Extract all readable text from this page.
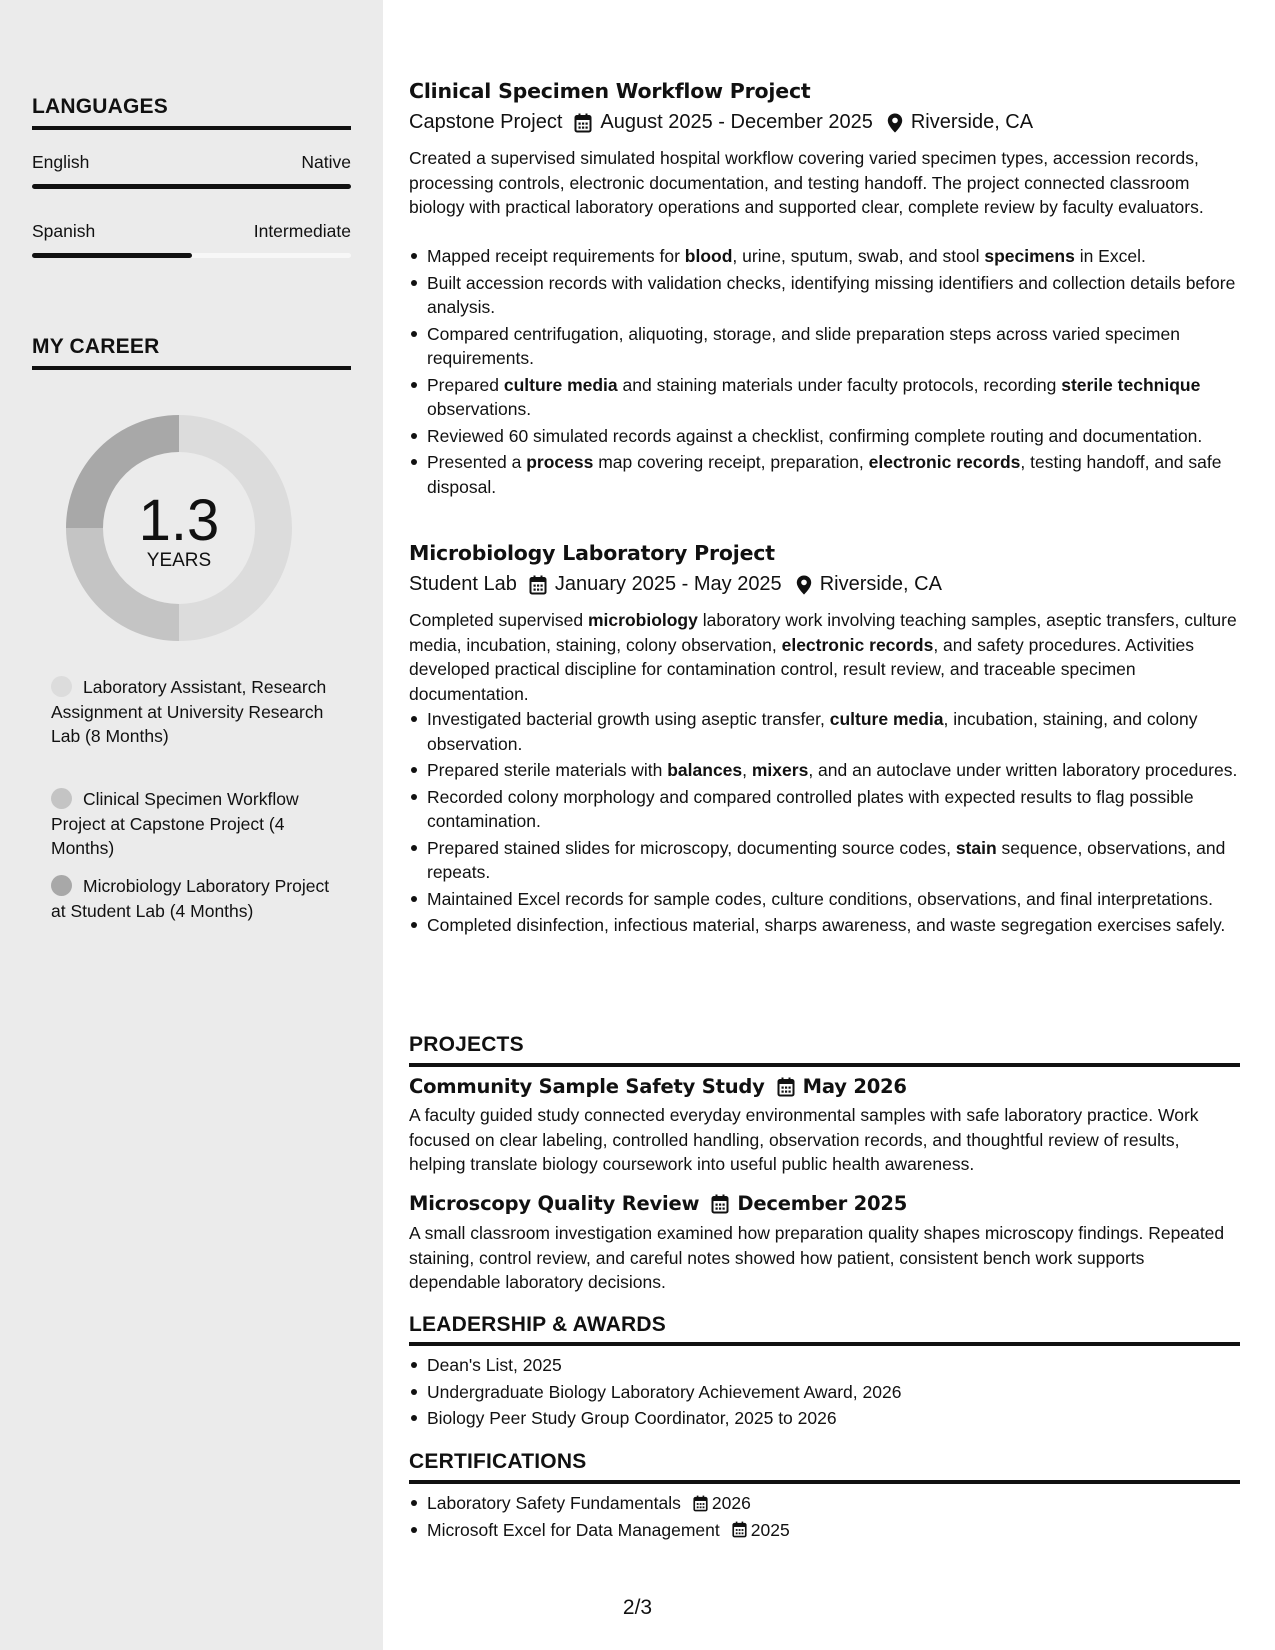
LANGUAGES
English	Native
Spanish	Intermediate
MY CAREER
1.3
YEARS
Laboratory Assistant, Research Assignment at University Research Lab (8 Months)
Clinical Specimen Workflow Project at Capstone Project (4 Months)
Microbiology Laboratory Project at Student Lab (4 Months)
Clinical Specimen Workflow Project
Capstone Project August 2025 - December 2025 Riverside, CA
Created a supervised simulated hospital workflow covering varied specimen types, accession records, processing controls, electronic documentation, and testing handoff. The project connected classroom biology with practical laboratory operations and supported clear, complete review by faculty evaluators.
Mapped receipt requirements for blood, urine, sputum, swab, and stool specimens in Excel.
Built accession records with validation checks, identifying missing identifiers and collection details before analysis.
Compared centrifugation, aliquoting, storage, and slide preparation steps across varied specimen requirements.
Prepared culture media and staining materials under faculty protocols, recording sterile technique observations.
Reviewed 60 simulated records against a checklist, confirming complete routing and documentation.
Presented a process map covering receipt, preparation, electronic records, testing handoff, and safe disposal.
Microbiology Laboratory Project
Student Lab January 2025 - May 2025 Riverside, CA
Completed supervised microbiology laboratory work involving teaching samples, aseptic transfers, culture media, incubation, staining, colony observation, electronic records, and safety procedures. Activities developed practical discipline for contamination control, result review, and traceable specimen documentation.
Investigated bacterial growth using aseptic transfer, culture media, incubation, staining, and colony observation.
Prepared sterile materials with balances, mixers, and an autoclave under written laboratory procedures.
Recorded colony morphology and compared controlled plates with expected results to flag possible contamination.
Prepared stained slides for microscopy, documenting source codes, stain sequence, observations, and repeats.
Maintained Excel records for sample codes, culture conditions, observations, and final interpretations.
Completed disinfection, infectious material, sharps awareness, and waste segregation exercises safely.
PROJECTS
Community Sample Safety Study May 2026
A faculty guided study connected everyday environmental samples with safe laboratory practice. Work focused on clear labeling, controlled handling, observation records, and thoughtful review of results, helping translate biology coursework into useful public health awareness.
Microscopy Quality Review December 2025
A small classroom investigation examined how preparation quality shapes microscopy findings. Repeated staining, control review, and careful notes showed how patient, consistent bench work supports dependable laboratory decisions.
LEADERSHIP & AWARDS
Dean's List, 2025
Undergraduate Biology Laboratory Achievement Award, 2026
Biology Peer Study Group Coordinator, 2025 to 2026
CERTIFICATIONS
Laboratory Safety Fundamentals 2026
Microsoft Excel for Data Management 2025
2/3
